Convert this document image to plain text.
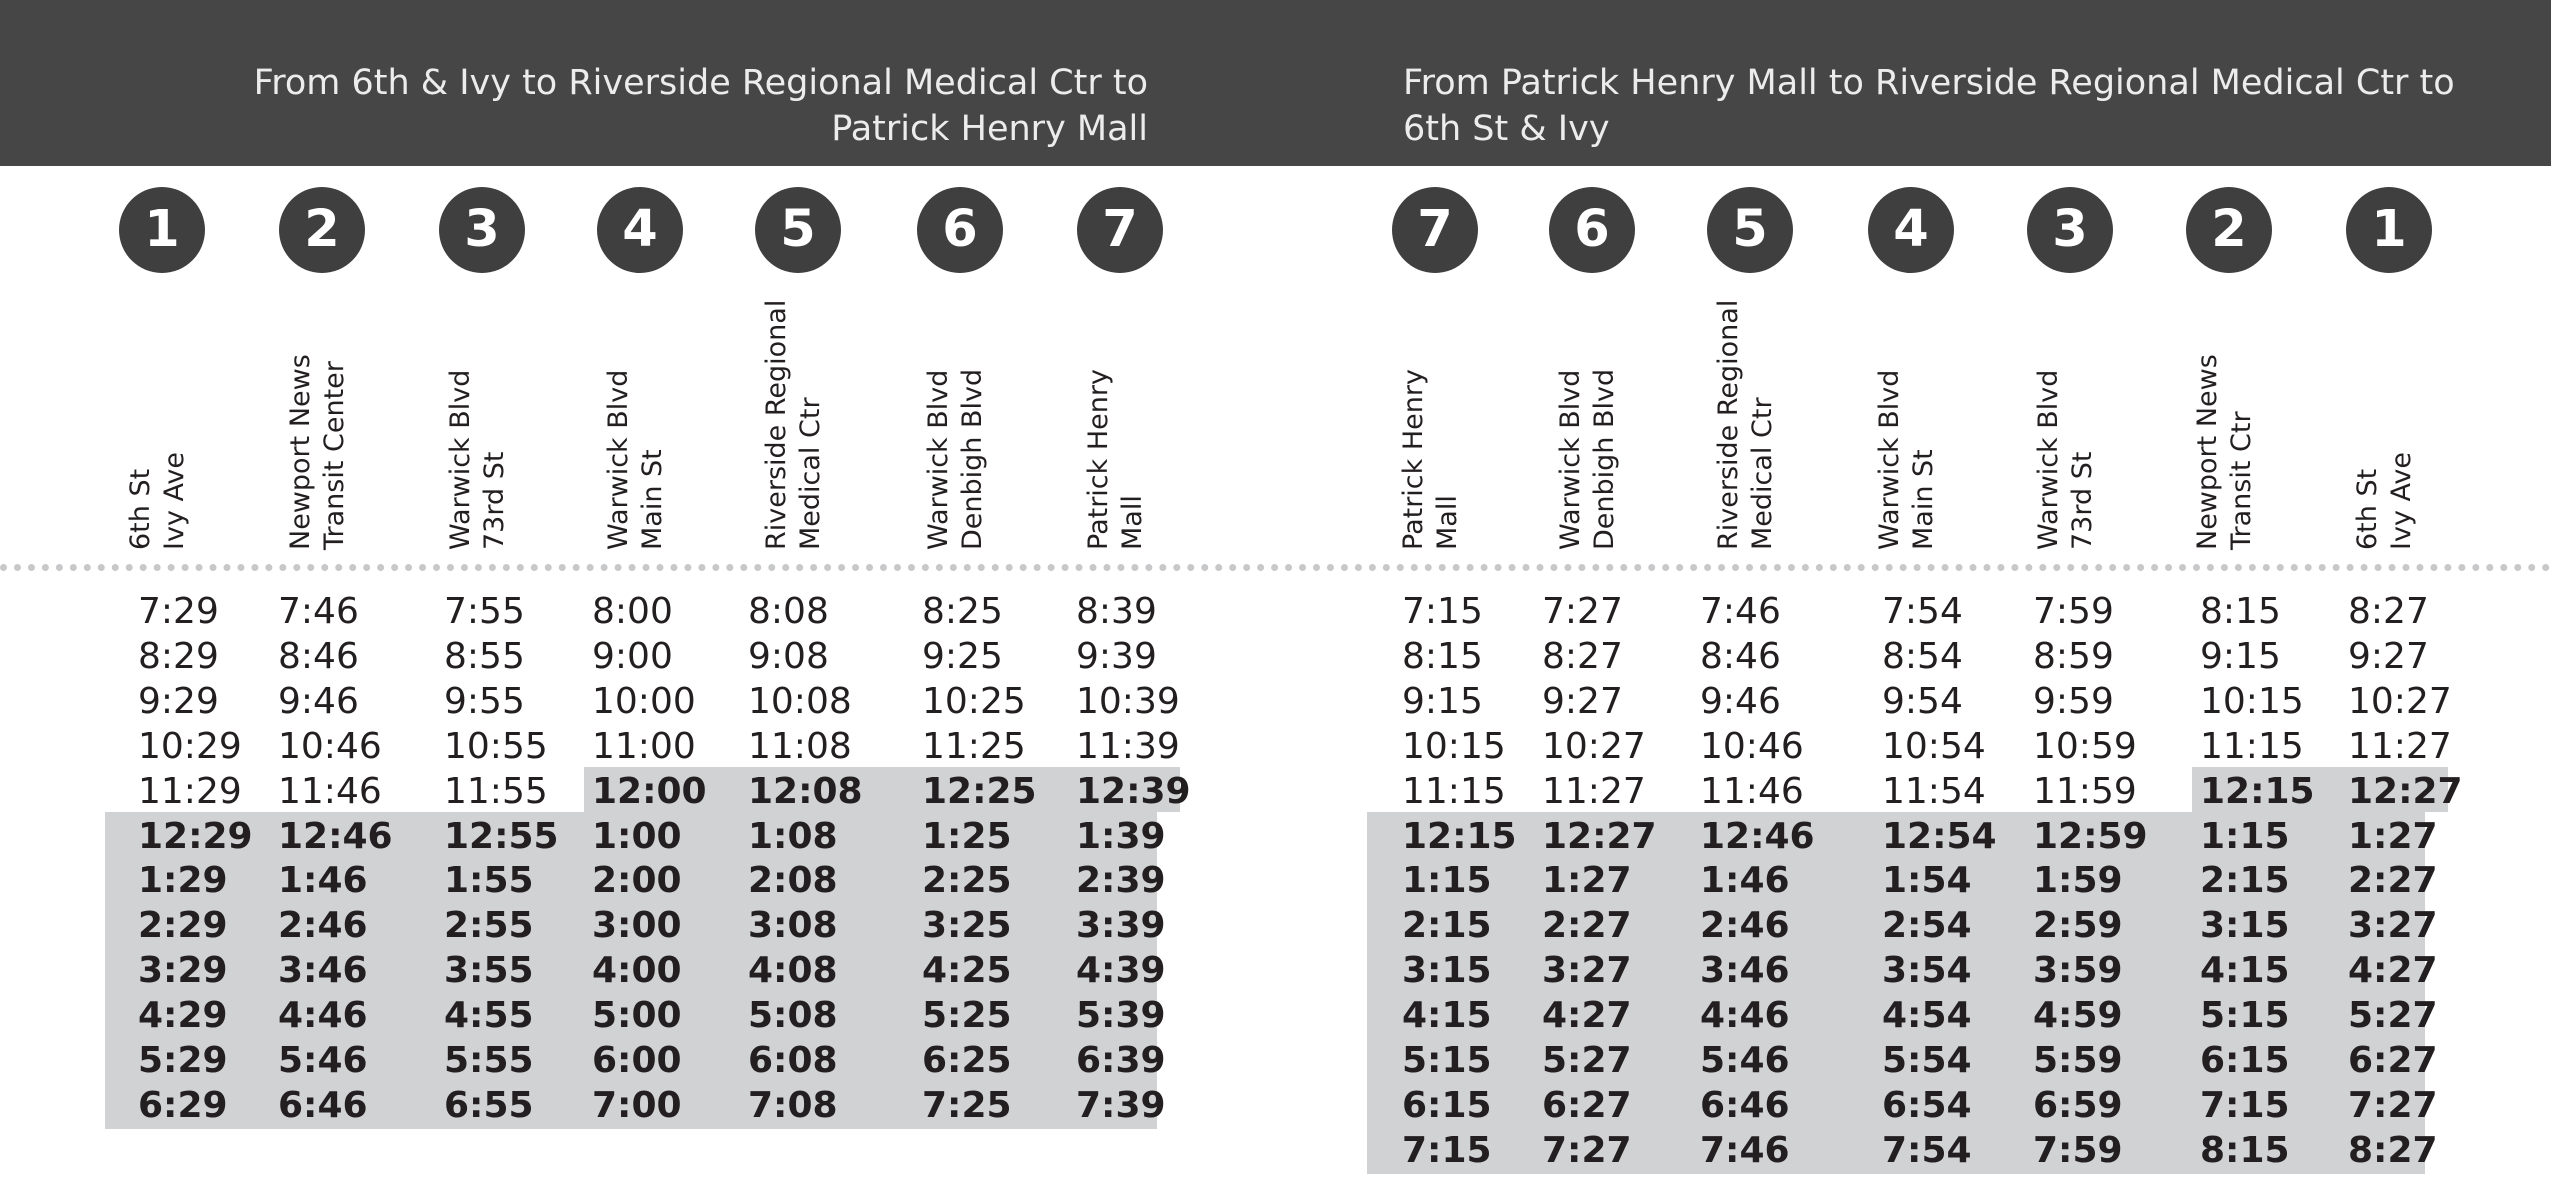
From 6th & Ivy to Riverside Regional Medical Ctr to
Patrick Henry Mall
From Patrick Henry Mall to Riverside Regional Medical Ctr to
6th St & Ivy
1
6th St Ivy Ave
2
Newport News Transit Center
3
Warwick Blvd 73rd St
4
Warwick Blvd Main St
5
Riverside Regional Medical Ctr
6
Warwick Blvd Denbigh Blvd
7
Patrick Henry Mall
7:29 7:46 7:55 8:00 8:08	8:25 8:39
8:29 8:46 8:55 9:00 9:08	9:25 9:39
9:29 9:46 9:55 10:00 10:08 10:25 10:39
10:29 10:46 10:55 11:00 11:08 11:25 11:39
11:29 11:46 11:55 12:00 12:08 12:25 12:39
12:29 12:46 12:55 1:00 1:08 1:25 1:39
1:29 1:46 1:55 2:00 2:08 2:25 2:39
2:29 2:46 2:55 3:00 3:08 3:25 3:39
3:29 3:46 3:55 4:00 4:08 4:25 4:39
4:29 4:46 4:55 5:00 5:08 5:25 5:39
5:29 5:46 5:55 6:00 6:08 6:25 6:39
6:29 6:46 6:55 7:00 7:08 7:25 7:39
7
Patrick Henry Mall
6
Warwick Blvd Denbigh Blvd
5
Riverside Regional Medical Ctr
4
Warwick Blvd Main St
3
Warwick Blvd 73rd St
2
Newport News Transit Ctr
1
6th St Ivy Ave
7:15 7:27 7:46	7:54 7:59 8:15 8:27
8:15 8:27 8:46	8:54 8:59 9:15 9:27
9:15 9:27 9:46	9:54 9:59 10:15 10:27
10:15 10:27 10:46 10:54 10:59 11:15 11:27
11:15 11:27 11:46 11:54 11:59 12:15 12:27
12:15 12:27 12:46 12:54 12:59 1:15 1:27
1:15 1:27 1:46	1:54 1:59 2:15 2:27
2:15 2:27 2:46	2:54 2:59 3:15 3:27
3:15 3:27 3:46	3:54 3:59 4:15 4:27
4:15 4:27 4:46	4:54 4:59 5:15 5:27
5:15 5:27 5:46	5:54 5:59 6:15 6:27
6:15 6:27 6:46	6:54 6:59 7:15 7:27
7:15 7:27 7:46	7:54 7:59 8:15 8:27
